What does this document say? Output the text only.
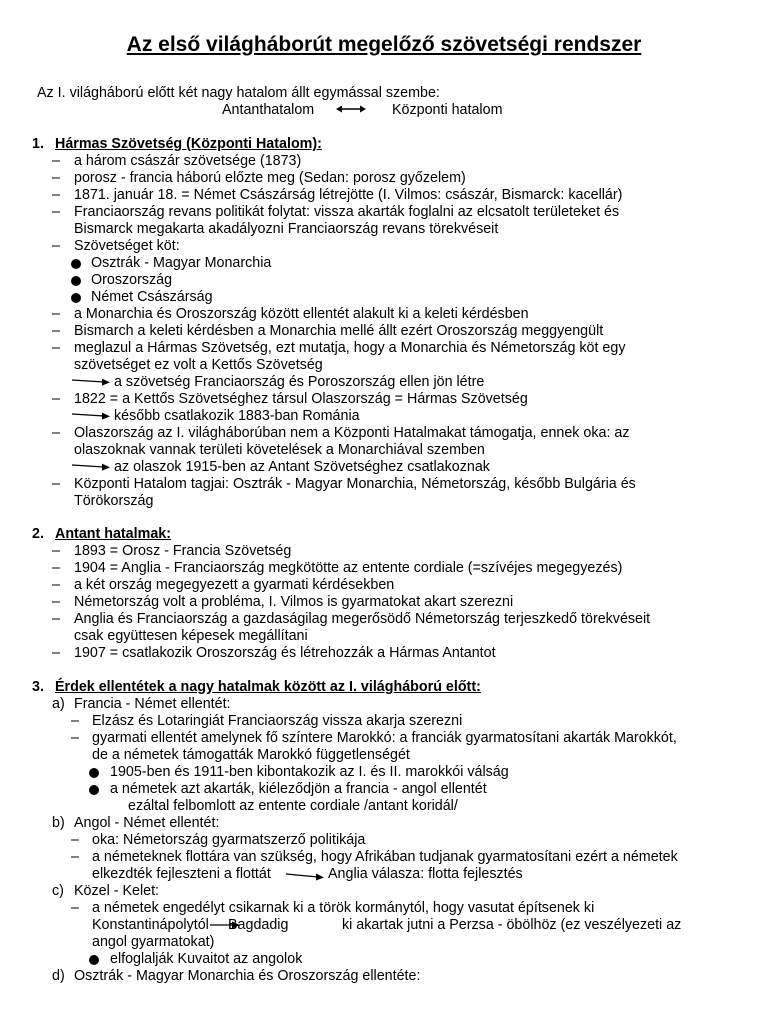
Az első világháborút megelőző szövetségi rendszer

Az I. világháború előtt két nagy hatalom állt egymással szembe:

Antanthatalom	Központi hatalom

1. Hármas Szövetség (Központi Hatalom):

– a három császár szövetsége (1873)

– porosz - francia háború előzte meg (Sedan: porosz győzelem)

– 1871. január 18. = Német Császárság létrejötte (I. Vilmos: császár, Bismarck: kacellár)

– Franciaország revans politikát folytat: vissza akarták foglalni az elcsatolt területeket és

Bismarck megakarta akadályozni Franciaország revans törekvéseit

– Szövetséget köt:

Osztrák - Magyar Monarchia

Oroszország

Német Császárság

– a Monarchia és Oroszország között ellentét alakult ki a keleti kérdésben

– Bismarch a keleti kérdésben a Monarchia mellé állt ezért Oroszország meggyengült

– meglazul a Hármas Szövetség, ezt mutatja, hogy a Monarchia és Németország köt egy

szövetséget ez volt a Kettős Szövetség

a szövetség Franciaország és Poroszország ellen jön létre

– 1822 = a Kettős Szövetséghez társul Olaszország = Hármas Szövetség

később csatlakozik 1883-ban Románia

– Olaszország az I. világháborúban nem a Központi Hatalmakat támogatja, ennek oka: az

olaszoknak vannak területi követelések a Monarchiával szemben

az olaszok 1915-ben az Antant Szövetséghez csatlakoznak

– Központi Hatalom tagjai: Osztrák - Magyar Monarchia, Németország, később Bulgária és

Törökország

2. Antant hatalmak:

– 1893 = Orosz - Francia Szövetség

– 1904 = Anglia - Franciaország megkötötte az entente cordiale (=szívéjes megegyezés)

– a két ország megegyezett a gyarmati kérdésekben

– Németország volt a probléma, I. Vilmos is gyarmatokat akart szerezni

– Anglia és Franciaország a gazdaságilag megerősödő Németország terjeszkedő törekvéseit

csak együttesen képesek megállítani

– 1907 = csatlakozik Oroszország és létrehozzák a Hármas Antantot

3. Érdek ellentétek a nagy hatalmak között az I. világháború előtt:

a) Francia - Német ellentét:

– Elzász és Lotaringiát Franciaország vissza akarja szerezni

– gyarmati ellentét amelynek fő színtere Marokkó: a franciák gyarmatosítani akarták Marokkót,

de a németek támogatták Marokkó függetlenségét

1905-ben és 1911-ben kibontakozik az I. és II. marokkói válság

a németek azt akarták, kiéleződjön a francia - angol ellentét

ezáltal felbomlott az entente cordiale /antant koridál/

b) Angol - Német ellentét:

– oka: Németország gyarmatszerző politikája

– a németeknek flottára van szükség, hogy Afrikában tudjanak gyarmatosítani ezért a németek

elkezdték fejleszteni a flottát	Anglia válasza: flotta fejlesztés

c) Közel - Kelet:

– a németek engedélyt csikarnak ki a török kormánytól, hogy vasutat építsenek ki

Konstantinápolytól Bagdadig	ki akartak jutni a Perzsa - öbölhöz (ez veszélyezeti az

angol gyarmatokat)

elfoglalják Kuvaitot az angolok

d) Osztrák - Magyar Monarchia és Oroszország ellentéte:
